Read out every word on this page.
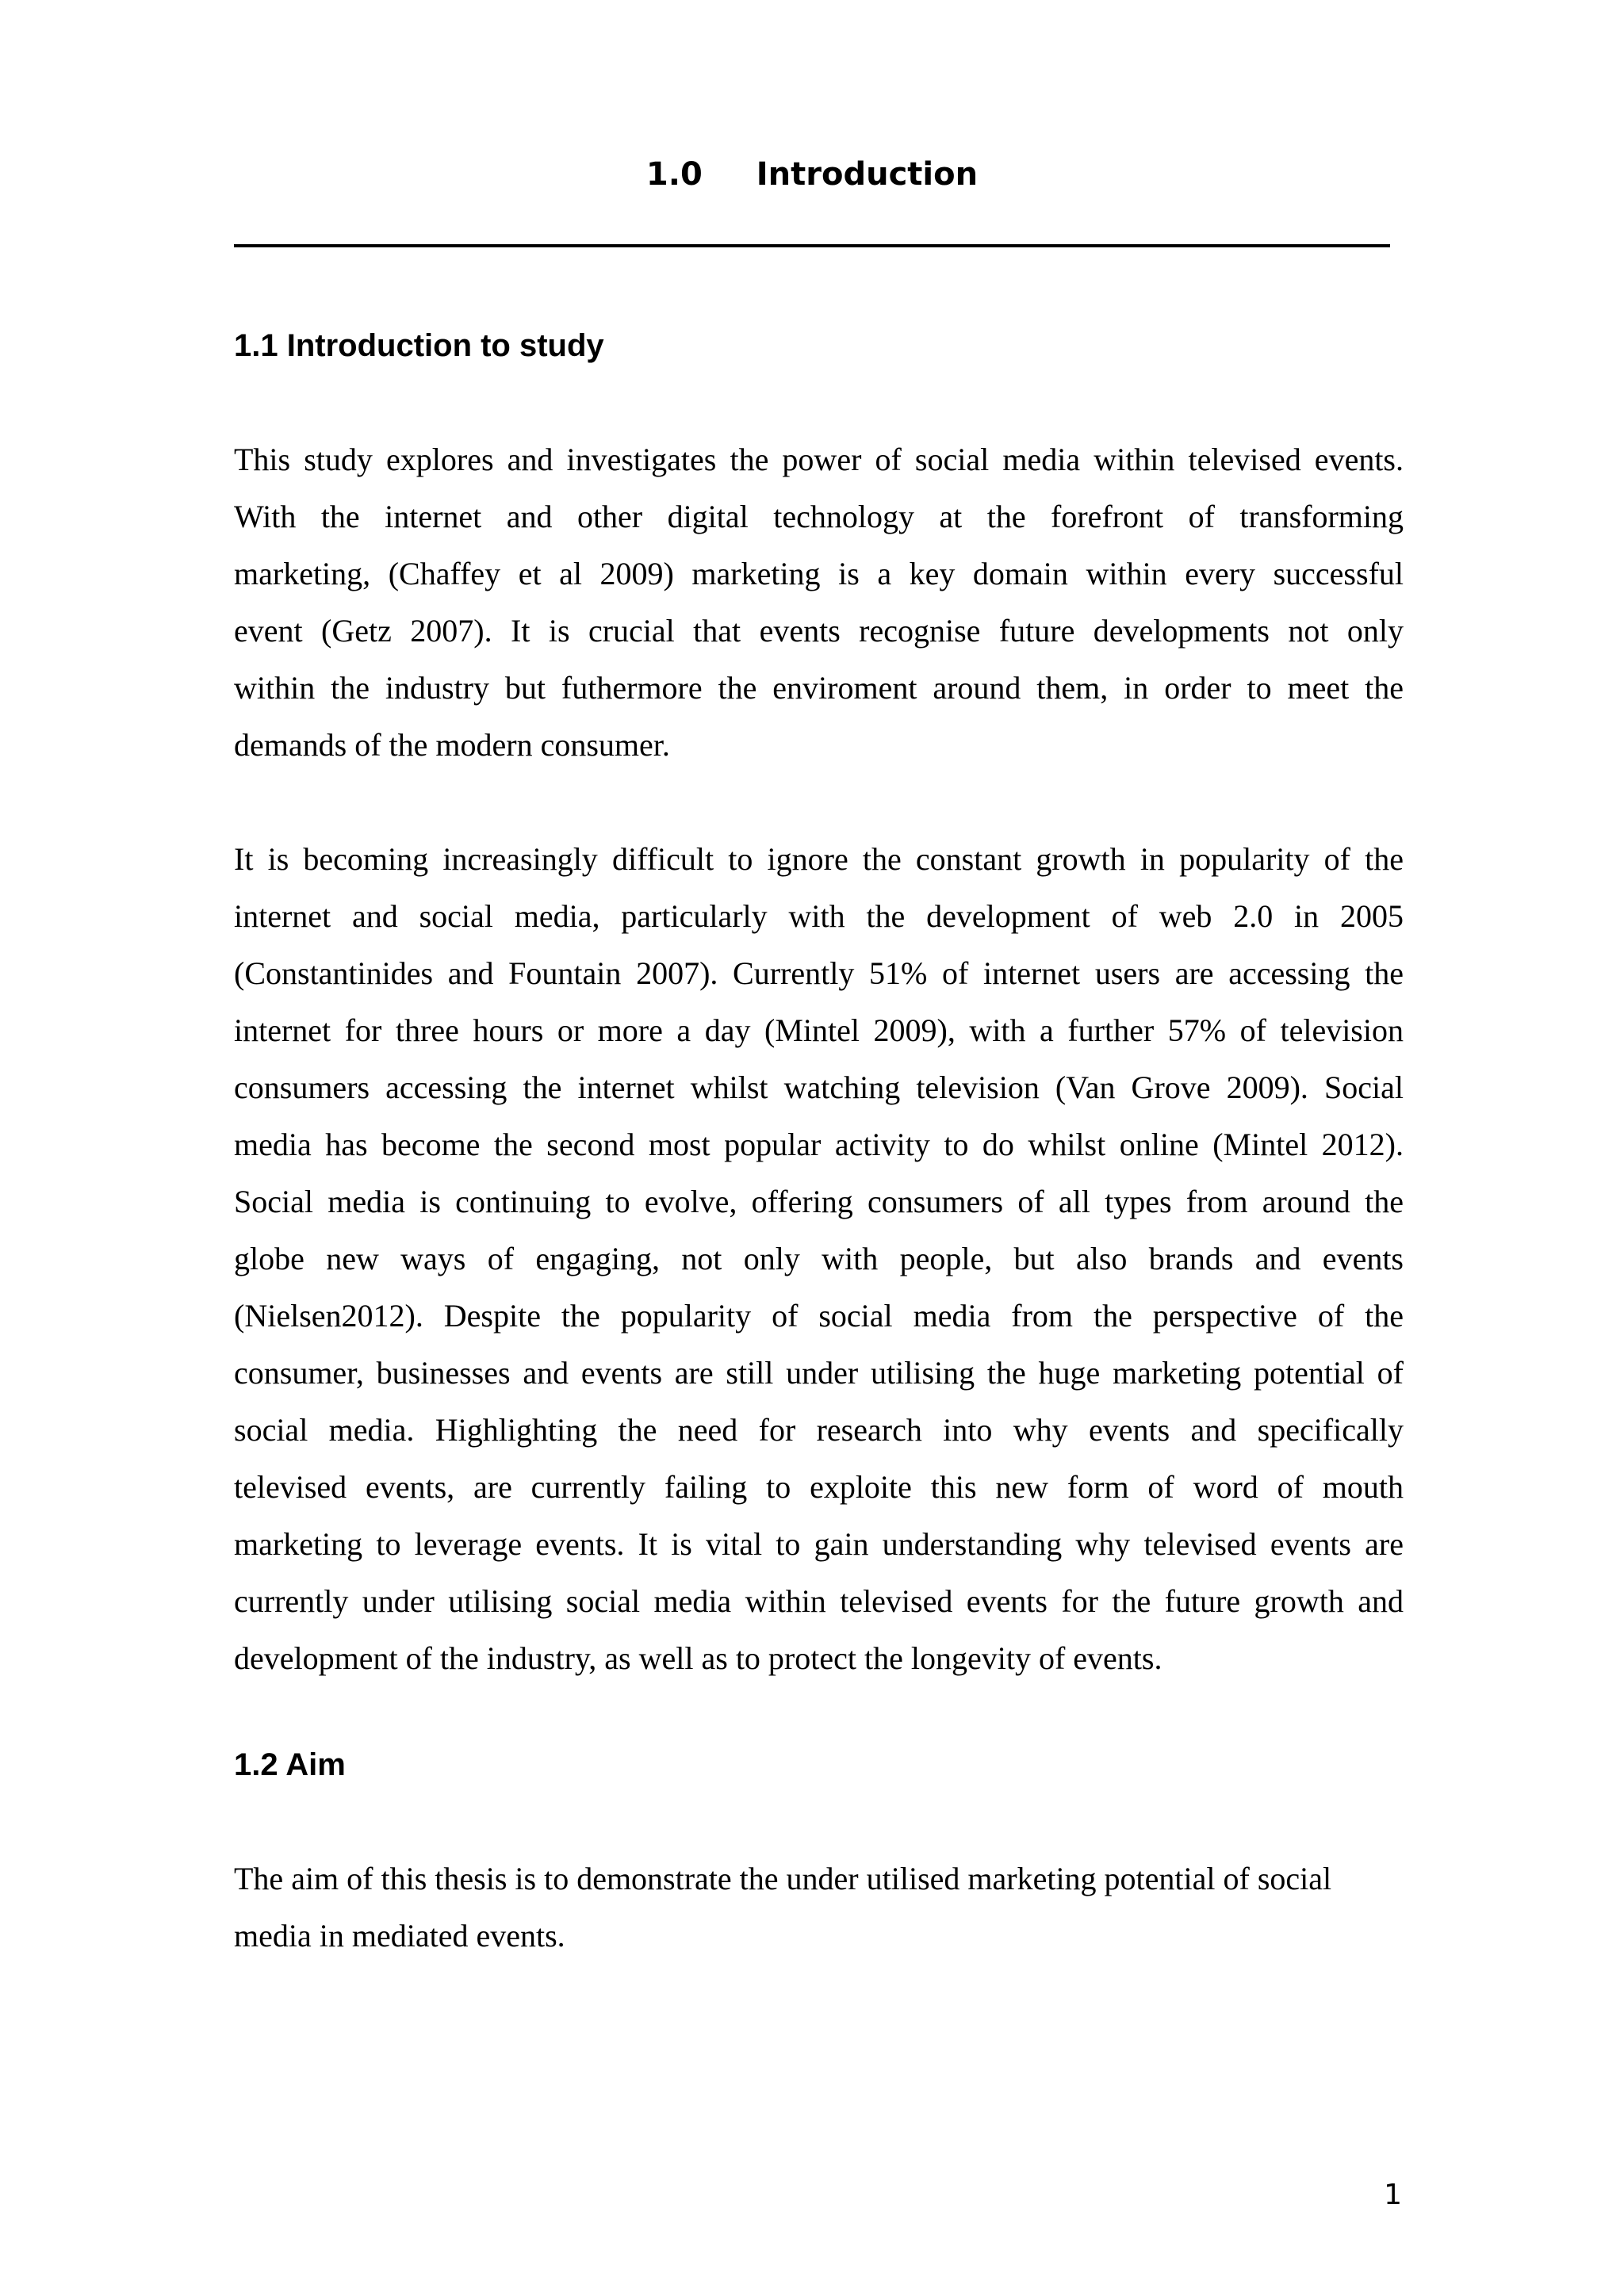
1.0 Introduction
1.1 Introduction to study

This study explores and investigates the power of social media within televised events.
With the internet and other digital technology at the forefront of transforming
marketing, (Chaffey et al 2009) marketing is a key domain within every successful
event (Getz 2007). It is crucial that events recognise future developments not only
within the industry but futhermore the enviroment around them, in order to meet the
demands of the modern consumer.

It is becoming increasingly difficult to ignore the constant growth in popularity of the
internet and social media, particularly with the development of web 2.0 in 2005
(Constantinides and Fountain 2007). Currently 51% of internet users are accessing the
internet for three hours or more a day (Mintel 2009), with a further 57% of television
consumers accessing the internet whilst watching television (Van Grove 2009). Social
media has become the second most popular activity to do whilst online (Mintel 2012).
Social media is continuing to evolve, offering consumers of all types from around the
globe new ways of engaging, not only with people, but also brands and events
(Nielsen2012). Despite the popularity of social media from the perspective of the
consumer, businesses and events are still under utilising the huge marketing potential of
social media. Highlighting the need for research into why events and specifically
televised events, are currently failing to exploite this new form of word of mouth
marketing to leverage events. It is vital to gain understanding why televised events are
currently under utilising social media within televised events for the future growth and
development of the industry, as well as to protect the longevity of events.

1.2 Aim

The aim of this thesis is to demonstrate the under utilised marketing potential of social
media in mediated events.

1
